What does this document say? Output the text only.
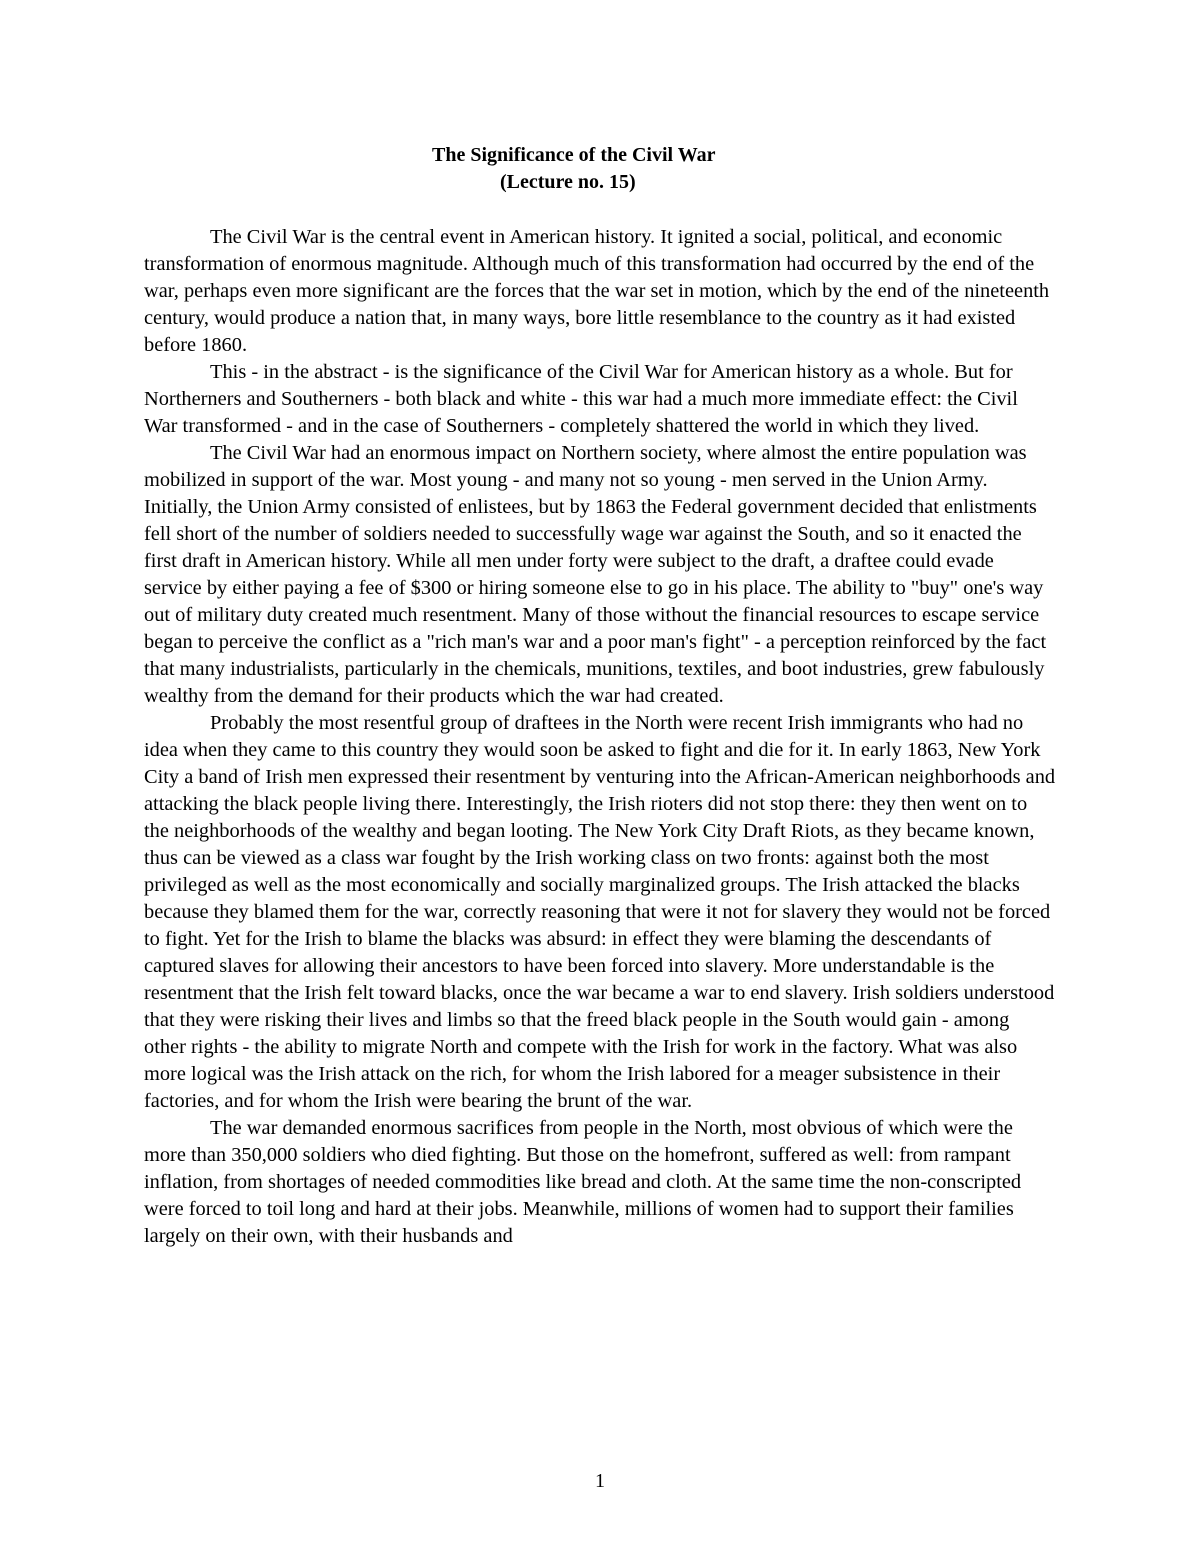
The Significance of the Civil War
(Lecture no. 15)

The Civil War is the central event in American history. It ignited a social, political, and economic transformation of enormous magnitude. Although much of this transformation had occurred by the end of the war, perhaps even more significant are the forces that the war set in motion, which by the end of the nineteenth century, would produce a nation that, in many ways, bore little resemblance to the country as it had existed before 1860.

This - in the abstract - is the significance of the Civil War for American history as a whole. But for Northerners and Southerners - both black and white - this war had a much more immediate effect: the Civil War transformed - and in the case of Southerners - completely shattered the world in which they lived.

The Civil War had an enormous impact on Northern society, where almost the entire population was mobilized in support of the war. Most young - and many not so young - men served in the Union Army. Initially, the Union Army consisted of enlistees, but by 1863 the Federal government decided that enlistments fell short of the number of soldiers needed to successfully wage war against the South, and so it enacted the first draft in American history. While all men under forty were subject to the draft, a draftee could evade service by either paying a fee of $300 or hiring someone else to go in his place. The ability to "buy" one's way out of military duty created much resentment. Many of those without the financial resources to escape service began to perceive the conflict as a "rich man's war and a poor man's fight" - a perception reinforced by the fact that many industrialists, particularly in the chemicals, munitions, textiles, and boot industries, grew fabulously wealthy from the demand for their products which the war had created.

Probably the most resentful group of draftees in the North were recent Irish immigrants who had no idea when they came to this country they would soon be asked to fight and die for it. In early 1863, New York City a band of Irish men expressed their resentment by venturing into the African-American neighborhoods and attacking the black people living there. Interestingly, the Irish rioters did not stop there: they then went on to the neighborhoods of the wealthy and began looting. The New York City Draft Riots, as they became known, thus can be viewed as a class war fought by the Irish working class on two fronts: against both the most privileged as well as the most economically and socially marginalized groups. The Irish attacked the blacks because they blamed them for the war, correctly reasoning that were it not for slavery they would not be forced to fight. Yet for the Irish to blame the blacks was absurd: in effect they were blaming the descendants of captured slaves for allowing their ancestors to have been forced into slavery. More understandable is the resentment that the Irish felt toward blacks, once the war became a war to end slavery. Irish soldiers understood that they were risking their lives and limbs so that the freed black people in the South would gain - among other rights - the ability to migrate North and compete with the Irish for work in the factory. What was also more logical was the Irish attack on the rich, for whom the Irish labored for a meager subsistence in their factories, and for whom the Irish were bearing the brunt of the war.

The war demanded enormous sacrifices from people in the North, most obvious of which were the more than 350,000 soldiers who died fighting. But those on the homefront, suffered as well: from rampant inflation, from shortages of needed commodities like bread and cloth. At the same time the non-conscripted were forced to toil long and hard at their jobs. Meanwhile, millions of women had to support their families largely on their own, with their husbands and

1
